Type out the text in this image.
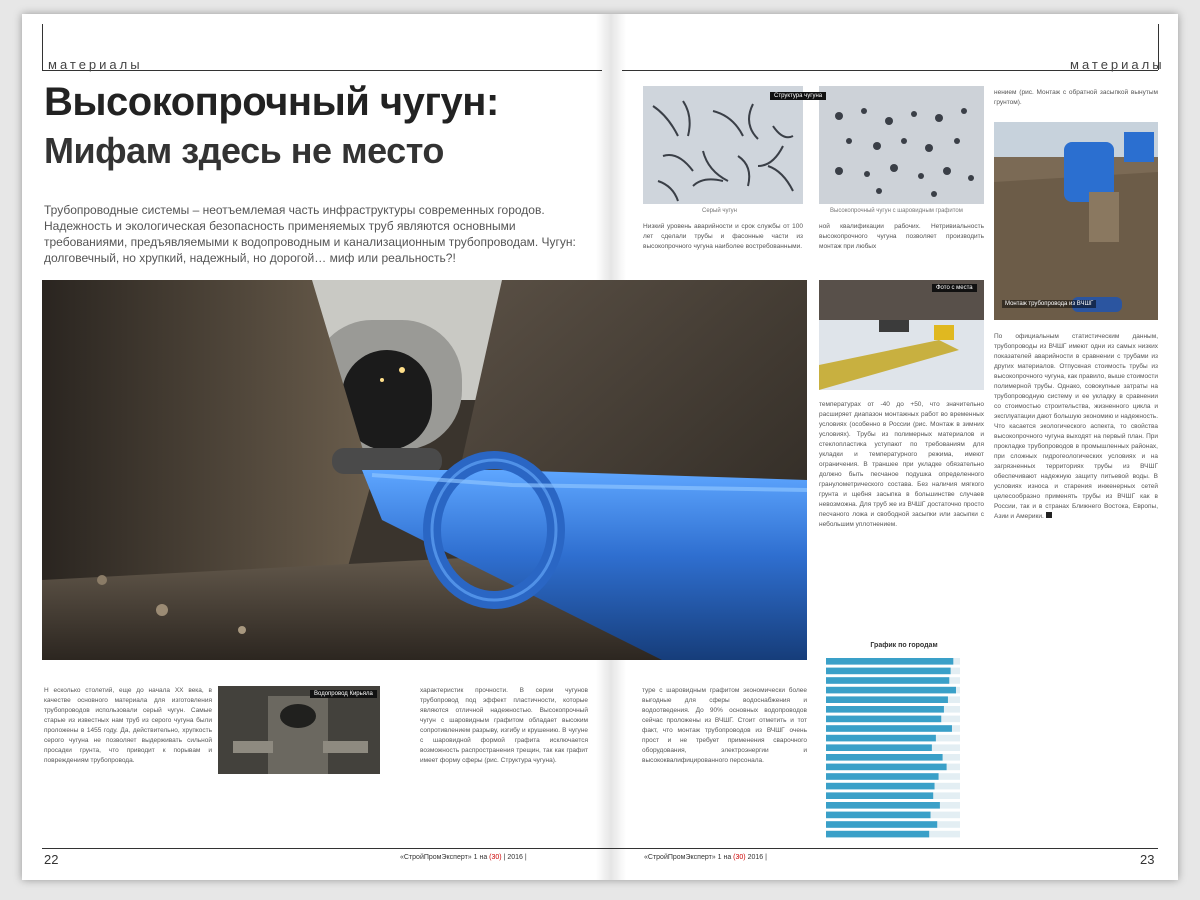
материалы	материалы
Высокопрочный чугун:
Мифам здесь не место
Трубопроводные системы – неотъемлемая часть инфраструктуры современных городов. Надежность и экологическая безопасность применяемых труб являются основными требованиями, предъявляемыми к водопроводным и канализационным трубопроводам. Чугун: долговечный, но хрупкий, надежный, но дорогой… миф или реальность?!
Структура чугуна
Серый чугун	Высокопрочный чугун с шаровидным графитом
Фото с места
Монтаж трубопровода из ВЧШГ
Водопровод Кирьяла
Н есколько столетий, еще до начала XX века, в качестве основного материала для изготовления трубопроводов использовали серый чугун. Самые старые из известных нам труб из серого чугуна были проложены в 1455 году. Да, действительно, хрупкость серого чугуна не позволяет выдерживать сильной просадки грунта, что приводит к порывам и повреждениям трубопровода.
характеристик прочности. В серии чугунов трубопровод под эффект пластичности, которые являются отличной надежностью. Высокопрочный чугун с шаровидным графитом обладает высоким сопротивлением разрыву, изгибу и крушению. В чугуне с шаровидной формой графита исключается возможность распространения трещин, так как графит имеет форму сферы (рис. Структура чугуна).
туре с шаровидным графитом экономически более выгодные для сферы водоснабжения и водоотведения. До 90% основных водопроводов сейчас проложены из ВЧШГ. Стоит отметить и тот факт, что монтаж трубопроводов из ВЧШГ очень прост и не требует применения сварочного оборудования, электроэнергии и высококвалифицированного персонала.
Низкий уровень аварийности и срок службы от 100 лет сделали трубы и фасонные части из высокопрочного чугуна наиболее востребованными.
ной квалификации рабочих. Нетривиальность высокопрочного чугуна позволяет производить монтаж при любых
температурах от -40 до +50, что значительно расширяет диапазон монтажных работ во временных условиях (особенно в России (рис. Монтаж в зимних условиях). Трубы из полимерных материалов и стеклопластика уступают по требованиям для укладки и температурного режима, имеют ограничения. В траншее при укладке обязательно должно быть песчаное подушка определенного гранулометрического состава. Без наличия мягкого грунта и щебня засыпка в большинстве случаев невозможна. Для труб же из ВЧШГ достаточно просто песчаного ложа и свободной засыпки или засыпки с небольшим уплотнением.
нением (рис. Монтаж с обратной засыпкой вынутым грунтом).
По официальным статистическим данным, трубопроводы из ВЧШГ имеют одни из самых низких показателей аварийности в сравнении с трубами из других материалов. Отпускная стоимость трубы из высокопрочного чугуна, как правило, выше стоимости полимерной трубы. Однако, совокупные затраты на трубопроводную систему и ее укладку в сравнении со стоимостью строительства, жизненного цикла и эксплуатации дают большую экономию и надежность. Что касается экологического аспекта, то свойства высокопрочного чугуна выходят на первый план. При прокладке трубопроводов в промышленных районах, при сложных гидрогеологических условиях и на загрязненных территориях трубы из ВЧШГ обеспечивают надежную защиту питьевой воды. В условиях износа и старения инженерных сетей целесообразно применять трубы из ВЧШГ как в России, так и в странах Ближнего Востока, Европы, Азии и Америки.
График по городам
22	23
«СтройПромЭксперт» 1 на (30) | 2016 |	«СтройПромЭксперт» 1 на (30) 2016 |
